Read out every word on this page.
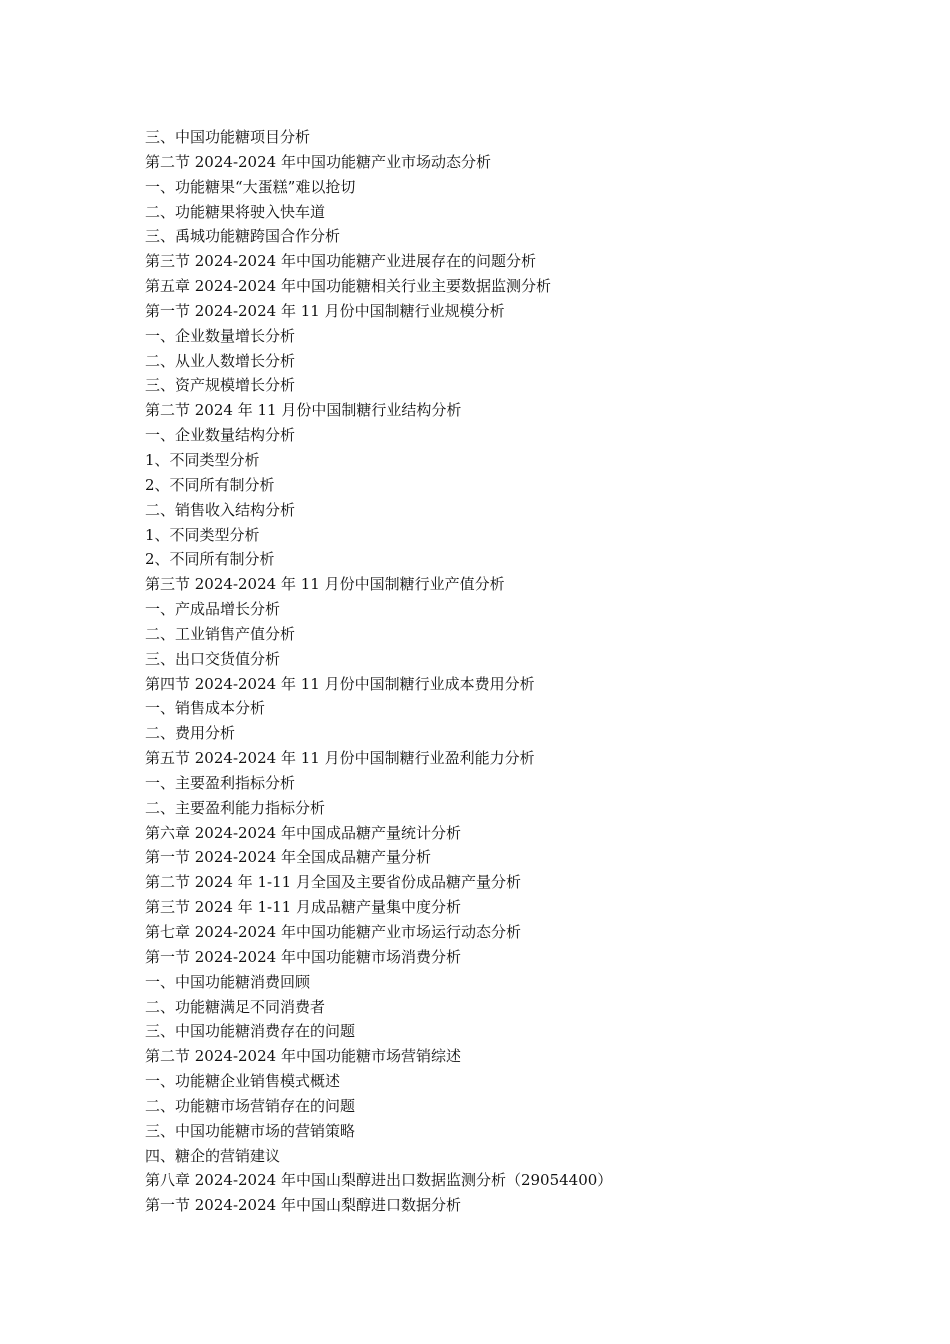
三、中国功能糖项目分析
第二节 2024-2024 年中国功能糖产业市场动态分析
一、功能糖果“大蛋糕”难以抢切
二、功能糖果将驶入快车道
三、禹城功能糖跨国合作分析
第三节 2024-2024 年中国功能糖产业进展存在的问题分析
第五章 2024-2024 年中国功能糖相关行业主要数据监测分析
第一节 2024-2024 年 11 月份中国制糖行业规模分析
一、企业数量增长分析
二、从业人数增长分析
三、资产规模增长分析
第二节 2024 年 11 月份中国制糖行业结构分析
一、企业数量结构分析
1、不同类型分析
2、不同所有制分析
二、销售收入结构分析
1、不同类型分析
2、不同所有制分析
第三节 2024-2024 年 11 月份中国制糖行业产值分析
一、产成品增长分析
二、工业销售产值分析
三、出口交货值分析
第四节 2024-2024 年 11 月份中国制糖行业成本费用分析
一、销售成本分析
二、费用分析
第五节 2024-2024 年 11 月份中国制糖行业盈利能力分析
一、主要盈利指标分析
二、主要盈利能力指标分析
第六章 2024-2024 年中国成品糖产量统计分析
第一节 2024-2024 年全国成品糖产量分析
第二节 2024 年 1-11 月全国及主要省份成品糖产量分析
第三节 2024 年 1-11 月成品糖产量集中度分析
第七章 2024-2024 年中国功能糖产业市场运行动态分析
第一节 2024-2024 年中国功能糖市场消费分析
一、中国功能糖消费回顾
二、功能糖满足不同消费者
三、中国功能糖消费存在的问题
第二节 2024-2024 年中国功能糖市场营销综述
一、功能糖企业销售模式概述
二、功能糖市场营销存在的问题
三、中国功能糖市场的营销策略
四、糖企的营销建议
第八章 2024-2024 年中国山梨醇进出口数据监测分析（29054400）
第一节 2024-2024 年中国山梨醇进口数据分析
